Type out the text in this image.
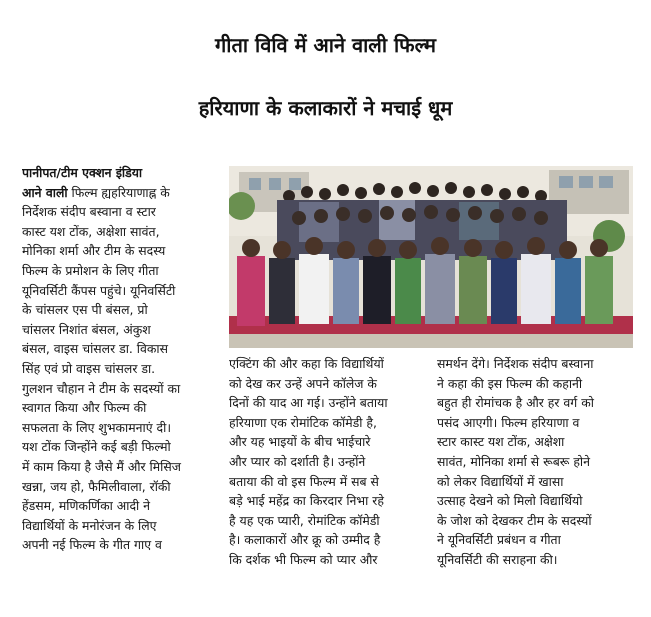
गीता विवि में आने वाली फिल्म
हरियाणा के कलाकारों ने मचाई धूम
पानीपत/टीम एक्शन इंडिया
आने वाली फिल्म ह्यहरियाणाह्न के
निर्देशक संदीप बस्वाना व स्टार
कास्ट यश टोंक, अक्षेशा सावंत,
मोनिका शर्मा और टीम के सदस्य
फिल्म के प्रमोशन के लिए गीता
यूनिवर्सिटी कैंपस पहुंचे। यूनिवर्सिटी
के चांसलर एस पी बंसल, प्रो
चांसलर निशांत बंसल, अंकुश
बंसल, वाइस चांसलर डा. विकास
सिंह एवं प्रो वाइस चांसलर डा.
गुलशन चौहान ने टीम के सदस्यों का
स्वागत किया और फिल्म की
सफलता के लिए शुभकामनाएं दी।
यश टोंक जिन्होंने कई बड़ी फिल्मो
में काम किया है जैसे मैं और मिसिज
खन्ना, जय हो, फैमिलीवाला, रॉकी
हेंडसम, मणिकर्णिका आदी ने
विद्यार्थियों के मनोरंजन के लिए
अपनी नई फिल्म के गीत गाए व
एक्टिंग की और कहा कि विद्यार्थियों
को देख कर उन्हें अपने कॉलेज के
दिनों की याद आ गई। उन्होंने बताया
हरियाणा एक रोमांटिक कॉमेडी है,
और यह भाइयों के बीच भाईचारे
और प्यार को दर्शाती है। उन्होंने
बताया की वो इस फिल्म में सब से
बड़े भाई महेंद्र का किरदार निभा रहे
है यह एक प्यारी, रोमांटिक कॉमेडी
है। कलाकारों और क्रू को उम्मीद है
कि दर्शक भी फिल्म को प्यार और
समर्थन देंगे। निर्देशक संदीप बस्वाना
ने कहा की इस फिल्म की कहानी
बहुत ही रोमांचक है और हर वर्ग को
पसंद आएगी। फिल्म हरियाणा व
स्टार कास्ट यश टोंक, अक्षेशा
सावंत, मोनिका शर्मा से रूबरू होने
को लेकर विद्यार्थियों में खासा
उत्साह देखने को मिलो विद्यार्थियो
के जोश को देखकर टीम के सदस्यों
ने यूनिवर्सिटी प्रबंधन व गीता
यूनिवर्सिटी की सराहना की।
